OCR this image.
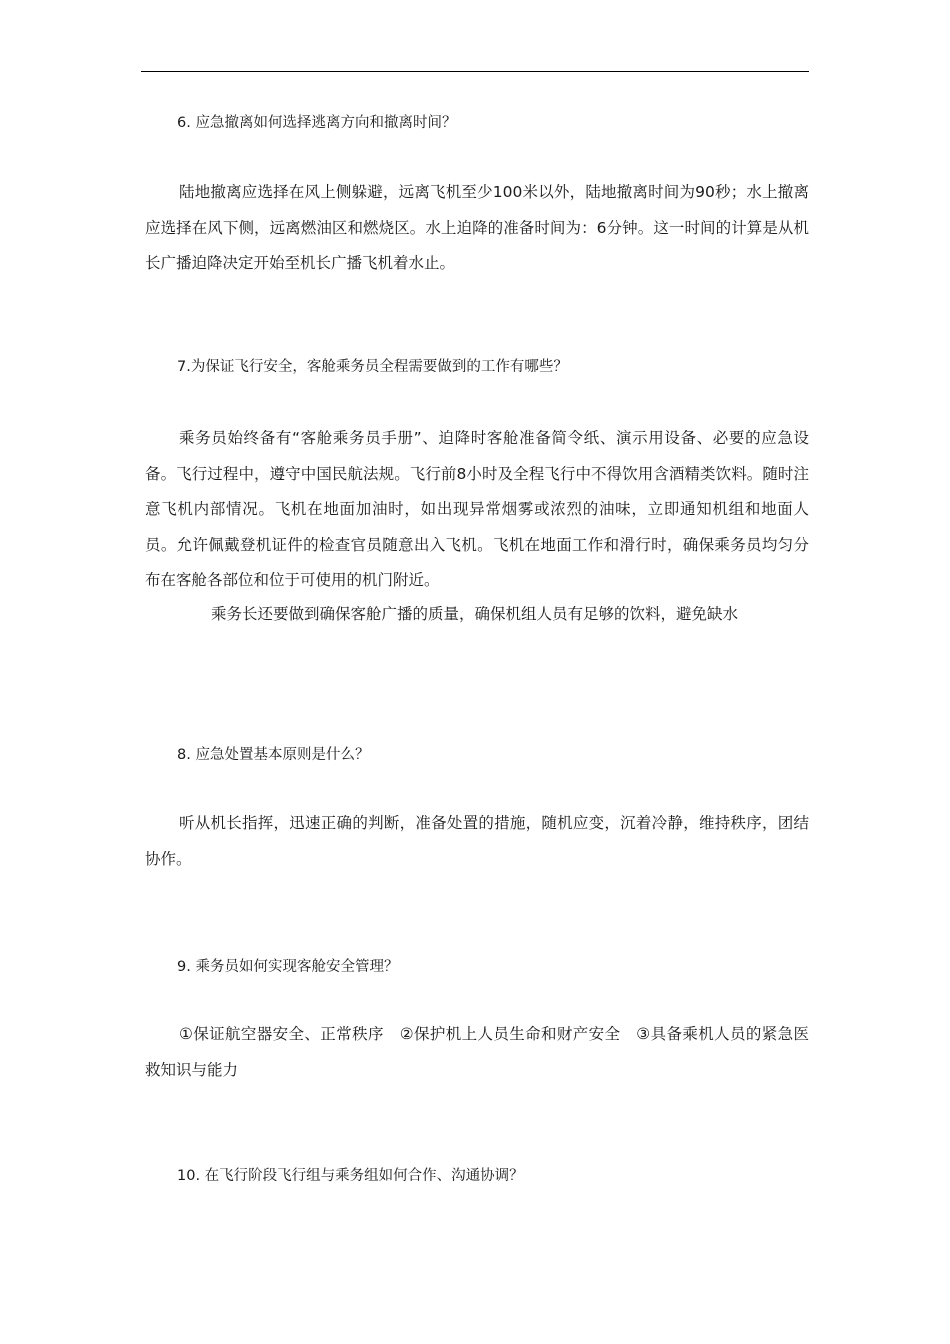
6. 应急撤离如何选择逃离方向和撤离时间？

陆地撤离应选择在风上侧躲避，远离飞机至少100米以外，陆地撤离时间为90秒；水上撤离应选择在风下侧，远离燃油区和燃烧区。水上迫降的准备时间为：6分钟。这一时间的计算是从机长广播迫降决定开始至机长广播飞机着水止。

7.为保证飞行安全，客舱乘务员全程需要做到的工作有哪些？

乘务员始终备有“客舱乘务员手册”、迫降时客舱准备简令纸、演示用设备、必要的应急设备。飞行过程中，遵守中国民航法规。飞行前8小时及全程飞行中不得饮用含酒精类饮料。随时注意飞机内部情况。飞机在地面加油时，如出现异常烟雾或浓烈的油味，立即通知机组和地面人员。允许佩戴登机证件的检查官员随意出入飞机。飞机在地面工作和滑行时，确保乘务员均匀分布在客舱各部位和位于可使用的机门附近。

乘务长还要做到确保客舱广播的质量，确保机组人员有足够的饮料，避免缺水

8. 应急处置基本原则是什么？

听从机长指挥，迅速正确的判断，准备处置的措施，随机应变，沉着冷静，维持秩序，团结协作。

9. 乘务员如何实现客舱安全管理？

①保证航空器安全、正常秩序　②保护机上人员生命和财产安全　③具备乘机人员的紧急医救知识与能力

10. 在飞行阶段飞行组与乘务组如何合作、沟通协调？
